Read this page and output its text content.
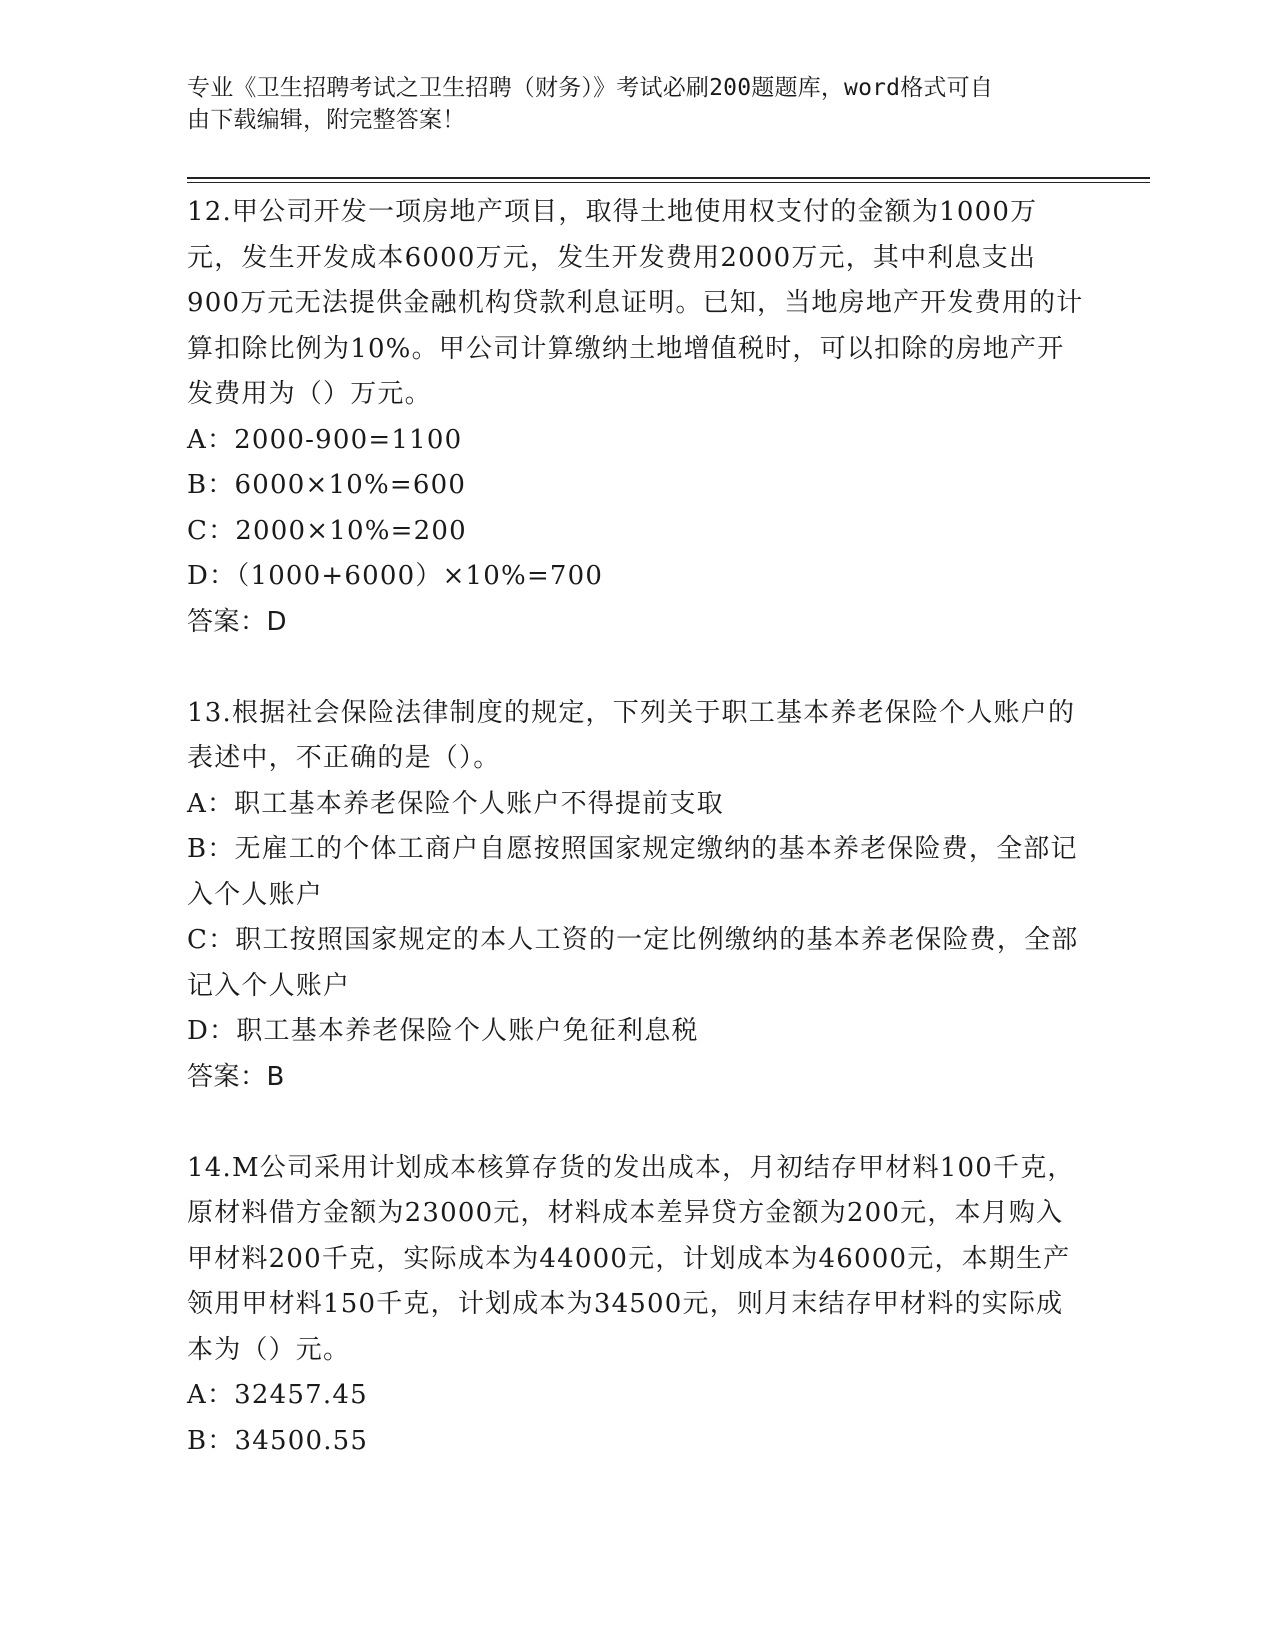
专业《卫生招聘考试之卫生招聘（财务）》考试必刷200题题库，word格式可自
由下载编辑，附完整答案！

12.甲公司开发一项房地产项目，取得土地使用权支付的金额为1000万元，发生开发成本6000万元，发生开发费用2000万元，其中利息支出900万元无法提供金融机构贷款利息证明。已知，当地房地产开发费用的计算扣除比例为10%。甲公司计算缴纳土地增值税时，可以扣除的房地产开发费用为（）万元。

A：2000-900=1100

B：6000×10%=600

C：2000×10%=200

D：（1000+6000）×10%=700

答案：D

13.根据社会保险法律制度的规定，下列关于职工基本养老保险个人账户的表述中，不正确的是（）。

A：职工基本养老保险个人账户不得提前支取

B：无雇工的个体工商户自愿按照国家规定缴纳的基本养老保险费，全部记入个人账户

C：职工按照国家规定的本人工资的一定比例缴纳的基本养老保险费，全部记入个人账户

D：职工基本养老保险个人账户免征利息税

答案：B

14.M公司采用计划成本核算存货的发出成本，月初结存甲材料100千克，原材料借方金额为23000元，材料成本差异贷方金额为200元，本月购入甲材料200千克，实际成本为44000元，计划成本为46000元，本期生产领用甲材料150千克，计划成本为34500元，则月末结存甲材料的实际成本为（）元。

A：32457.45

B：34500.55
